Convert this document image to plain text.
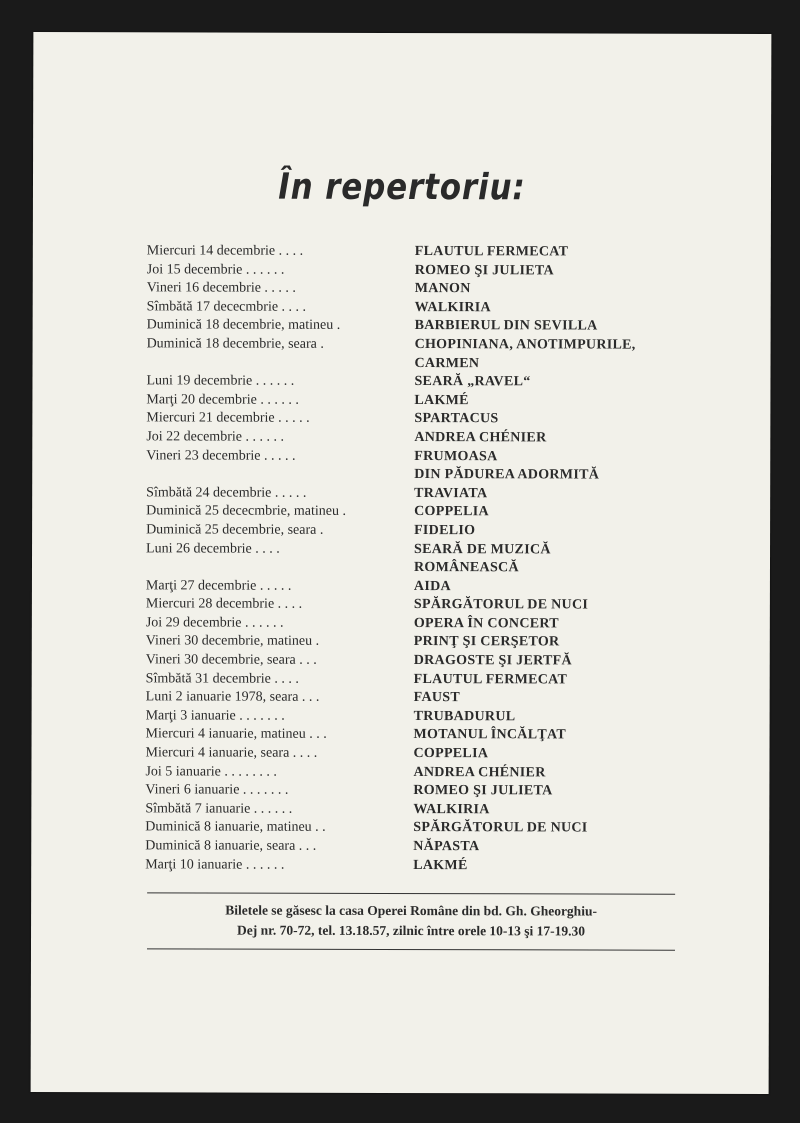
În repertoriu:
Miercuri 14 decembrie . . . .	FLAUTUL FERMECAT
Joi 15 decembrie . . . . . .	ROMEO ŞI JULIETA
Vineri 16 decembrie . . . . .	MANON
Sîmbătă 17 dececmbrie . . . .	WALKIRIA
Duminică 18 decembrie, matineu .	BARBIERUL DIN SEVILLA
Duminică 18 decembrie, seara .	CHOPINIANA, ANOTIMPURILE,
CARMEN
Luni 19 decembrie . . . . . .	SEARĂ „RAVEL“
Marţi 20 decembrie . . . . . .	LAKMÉ
Miercuri 21 decembrie . . . . .	SPARTACUS
Joi 22 decembrie . . . . . .	ANDREA CHÉNIER
Vineri 23 decembrie . . . . .	FRUMOASA
DIN PĂDUREA ADORMITĂ
Sîmbătă 24 decembrie . . . . .	TRAVIATA
Duminică 25 dececmbrie, matineu .	COPPELIA
Duminică 25 decembrie, seara .	FIDELIO
Luni 26 decembrie . . . .	SEARĂ DE MUZICĂ
ROMÂNEASCĂ
Marţi 27 decembrie . . . . .	AIDA
Miercuri 28 decembrie . . . .	SPĂRGĂTORUL DE NUCI
Joi 29 decembrie . . . . . .	OPERA ÎN CONCERT
Vineri 30 decembrie, matineu .	PRINŢ ŞI CERŞETOR
Vineri 30 decembrie, seara . . .	DRAGOSTE ŞI JERTFĂ
Sîmbătă 31 decembrie . . . .	FLAUTUL FERMECAT
Luni 2 ianuarie 1978, seara . . .	FAUST
Marţi 3 ianuarie . . . . . . .	TRUBADURUL
Miercuri 4 ianuarie, matineu . . .	MOTANUL ÎNCĂLŢAT
Miercuri 4 ianuarie, seara . . . .	COPPELIA
Joi 5 ianuarie . . . . . . . .	ANDREA CHÉNIER
Vineri 6 ianuarie . . . . . . .	ROMEO ŞI JULIETA
Sîmbătă 7 ianuarie . . . . . .	WALKIRIA
Duminică 8 ianuarie, matineu . .	SPĂRGĂTORUL DE NUCI
Duminică 8 ianuarie, seara . . .	NĂPASTA
Marţi 10 ianuarie . . . . . .	LAKMÉ
Biletele se găsesc la casa Operei Române din bd. Gh. Gheorghiu-
Dej nr. 70-72, tel. 13.18.57, zilnic între orele 10-13 şi 17-19.30
